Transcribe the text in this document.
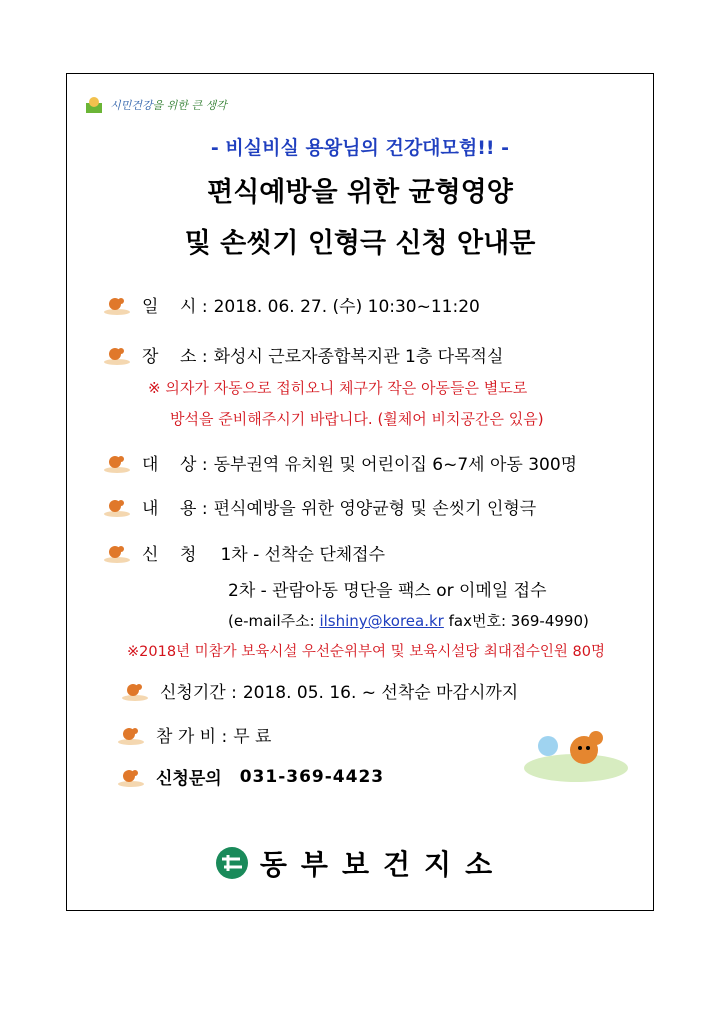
시민건강을 위한 큰 생각
- 비실비실 용왕님의 건강대모험!! -
편식예방을 위한 균형영양
및 손씻기 인형극 신청 안내문
일    시 : 2018. 06. 27. (수) 10:30~11:20
장    소 : 화성시 근로자종합복지관 1층 다목적실
※ 의자가 자동으로 접히오니 체구가 작은 아동들은 별도로
방석을 준비해주시기 바랍니다. (휠체어 비치공간은 있음)
대    상 : 동부권역 유치원 및 어린이집 6~7세 아동 300명
내    용 : 편식예방을 위한 영양균형 및 손씻기 인형극
신    청 1차 - 선착순 단체접수
2차 - 관람아동 명단을 팩스 or 이메일 접수
(e-mail주소: ilshiny@korea.kr fax번호: 369-4990)
※2018년 미참가 보육시설 우선순위부여 및 보육시설당 최대접수인원 80명
신청기간 : 2018. 05. 16. ~ 선착순 마감시까지
참 가 비 : 무 료
신청문의 031-369-4423
동부보건지소
